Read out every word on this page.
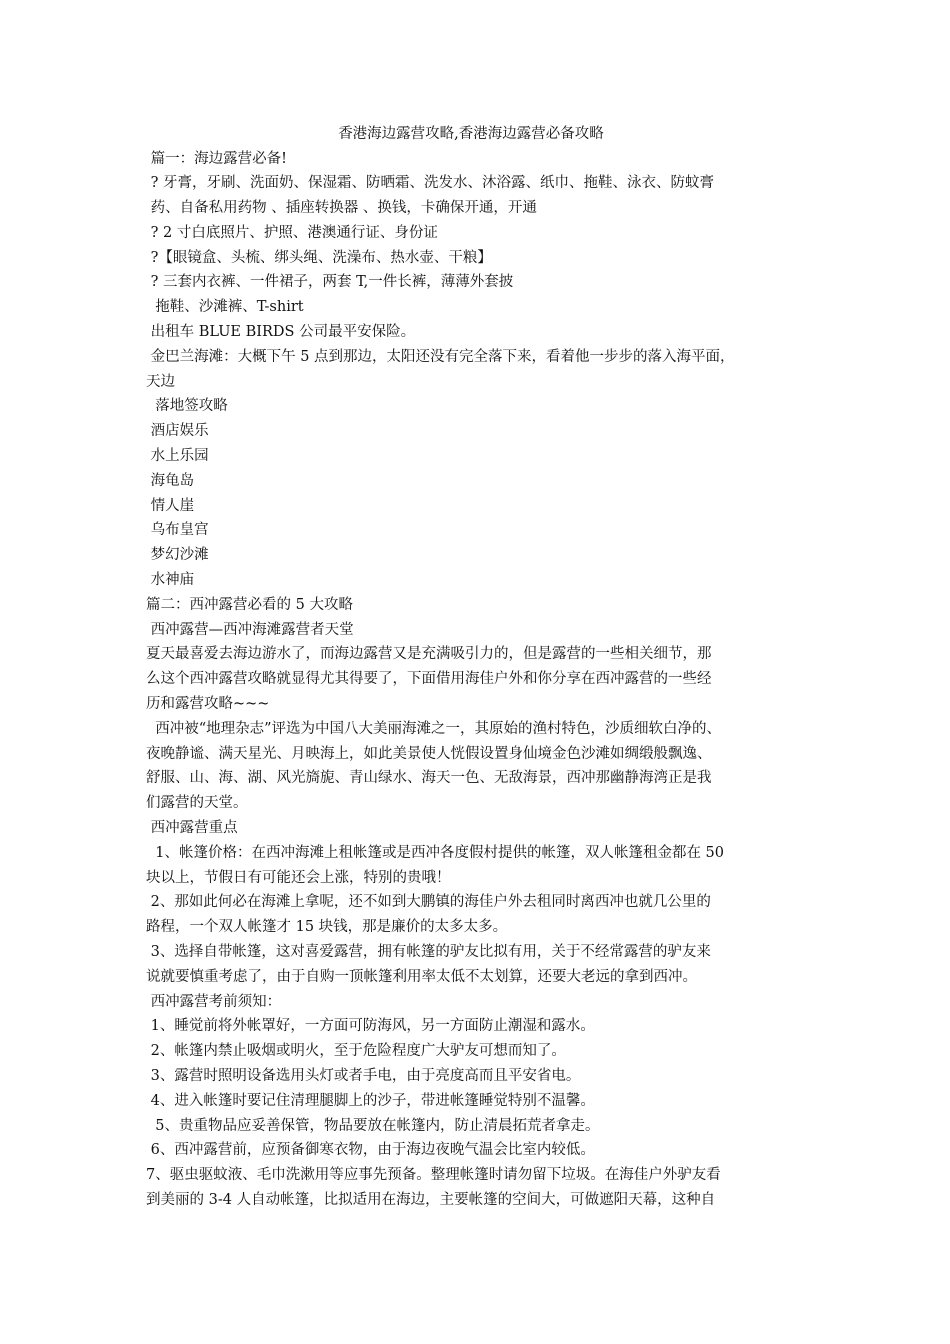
香港海边露营攻略,香港海边露营必备攻略

篇一：海边露营必备!

? 牙膏，牙刷、洗面奶、保湿霜、防晒霜、洗发水、沐浴露、纸巾、拖鞋、泳衣、防蚊膏

药、自备私用药物 、插座转换器 、换钱，卡确保开通，开通

? 2 寸白底照片、护照、港澳通行证、身份证

?【眼镜盒、头梳、绑头绳、洗澡布、热水壶、干粮】

? 三套内衣裤、一件裙子，两套 T,一件长裤，薄薄外套披

拖鞋、沙滩裤、T-shirt

出租车 BLUE BIRDS 公司最平安保险。

金巴兰海滩：大概下午 5 点到那边，太阳还没有完全落下来，看着他一步步的落入海平面，

天边

落地签攻略

酒店娱乐

水上乐园

海龟岛

情人崖

乌布皇宫

梦幻沙滩

水神庙

篇二：西冲露营必看的 5 大攻略

西冲露营—西冲海滩露营者天堂

夏天最喜爱去海边游水了，而海边露营又是充满吸引力的，但是露营的一些相关细节，那

么这个西冲露营攻略就显得尤其得要了，下面借用海佳户外和你分享在西冲露营的一些经

历和露营攻略~~~

西冲被“地理杂志”评选为中国八大美丽海滩之一，其原始的渔村特色，沙质细软白净的、

夜晚静谧、满天星光、月映海上，如此美景使人恍假设置身仙境金色沙滩如绸缎般飘逸、

舒服、山、海、湖、风光旖旎、青山绿水、海天一色、无敌海景，西冲那幽静海湾正是我

们露营的天堂。

西冲露营重点

1、帐篷价格：在西冲海滩上租帐篷或是西冲各度假村提供的帐篷，双人帐篷租金都在 50

块以上，节假日有可能还会上涨，特别的贵哦！

2、那如此何必在海滩上拿呢，还不如到大鹏镇的海佳户外去租同时离西冲也就几公里的

路程，一个双人帐篷才 15 块钱，那是廉价的太多太多。

3、选择自带帐篷，这对喜爱露营，拥有帐篷的驴友比拟有用，关于不经常露营的驴友来

说就要慎重考虑了，由于自购一顶帐篷利用率太低不太划算，还要大老远的拿到西冲。

西冲露营考前须知：

1、睡觉前将外帐罩好，一方面可防海风，另一方面防止潮湿和露水。

2、帐篷内禁止吸烟或明火，至于危险程度广大驴友可想而知了。

3、露营时照明设备选用头灯或者手电，由于亮度高而且平安省电。

4、进入帐篷时要记住清理腿脚上的沙子，带进帐篷睡觉特别不温馨。

5、贵重物品应妥善保管，物品要放在帐篷内，防止清晨拓荒者拿走。

6、西冲露营前，应预备御寒衣物，由于海边夜晚气温会比室内较低。

7、驱虫驱蚊液、毛巾洗漱用等应事先预备。整理帐篷时请勿留下垃圾。在海佳户外驴友看

到美丽的 3-4 人自动帐篷，比拟适用在海边，主要帐篷的空间大，可做遮阳天幕，这种自
